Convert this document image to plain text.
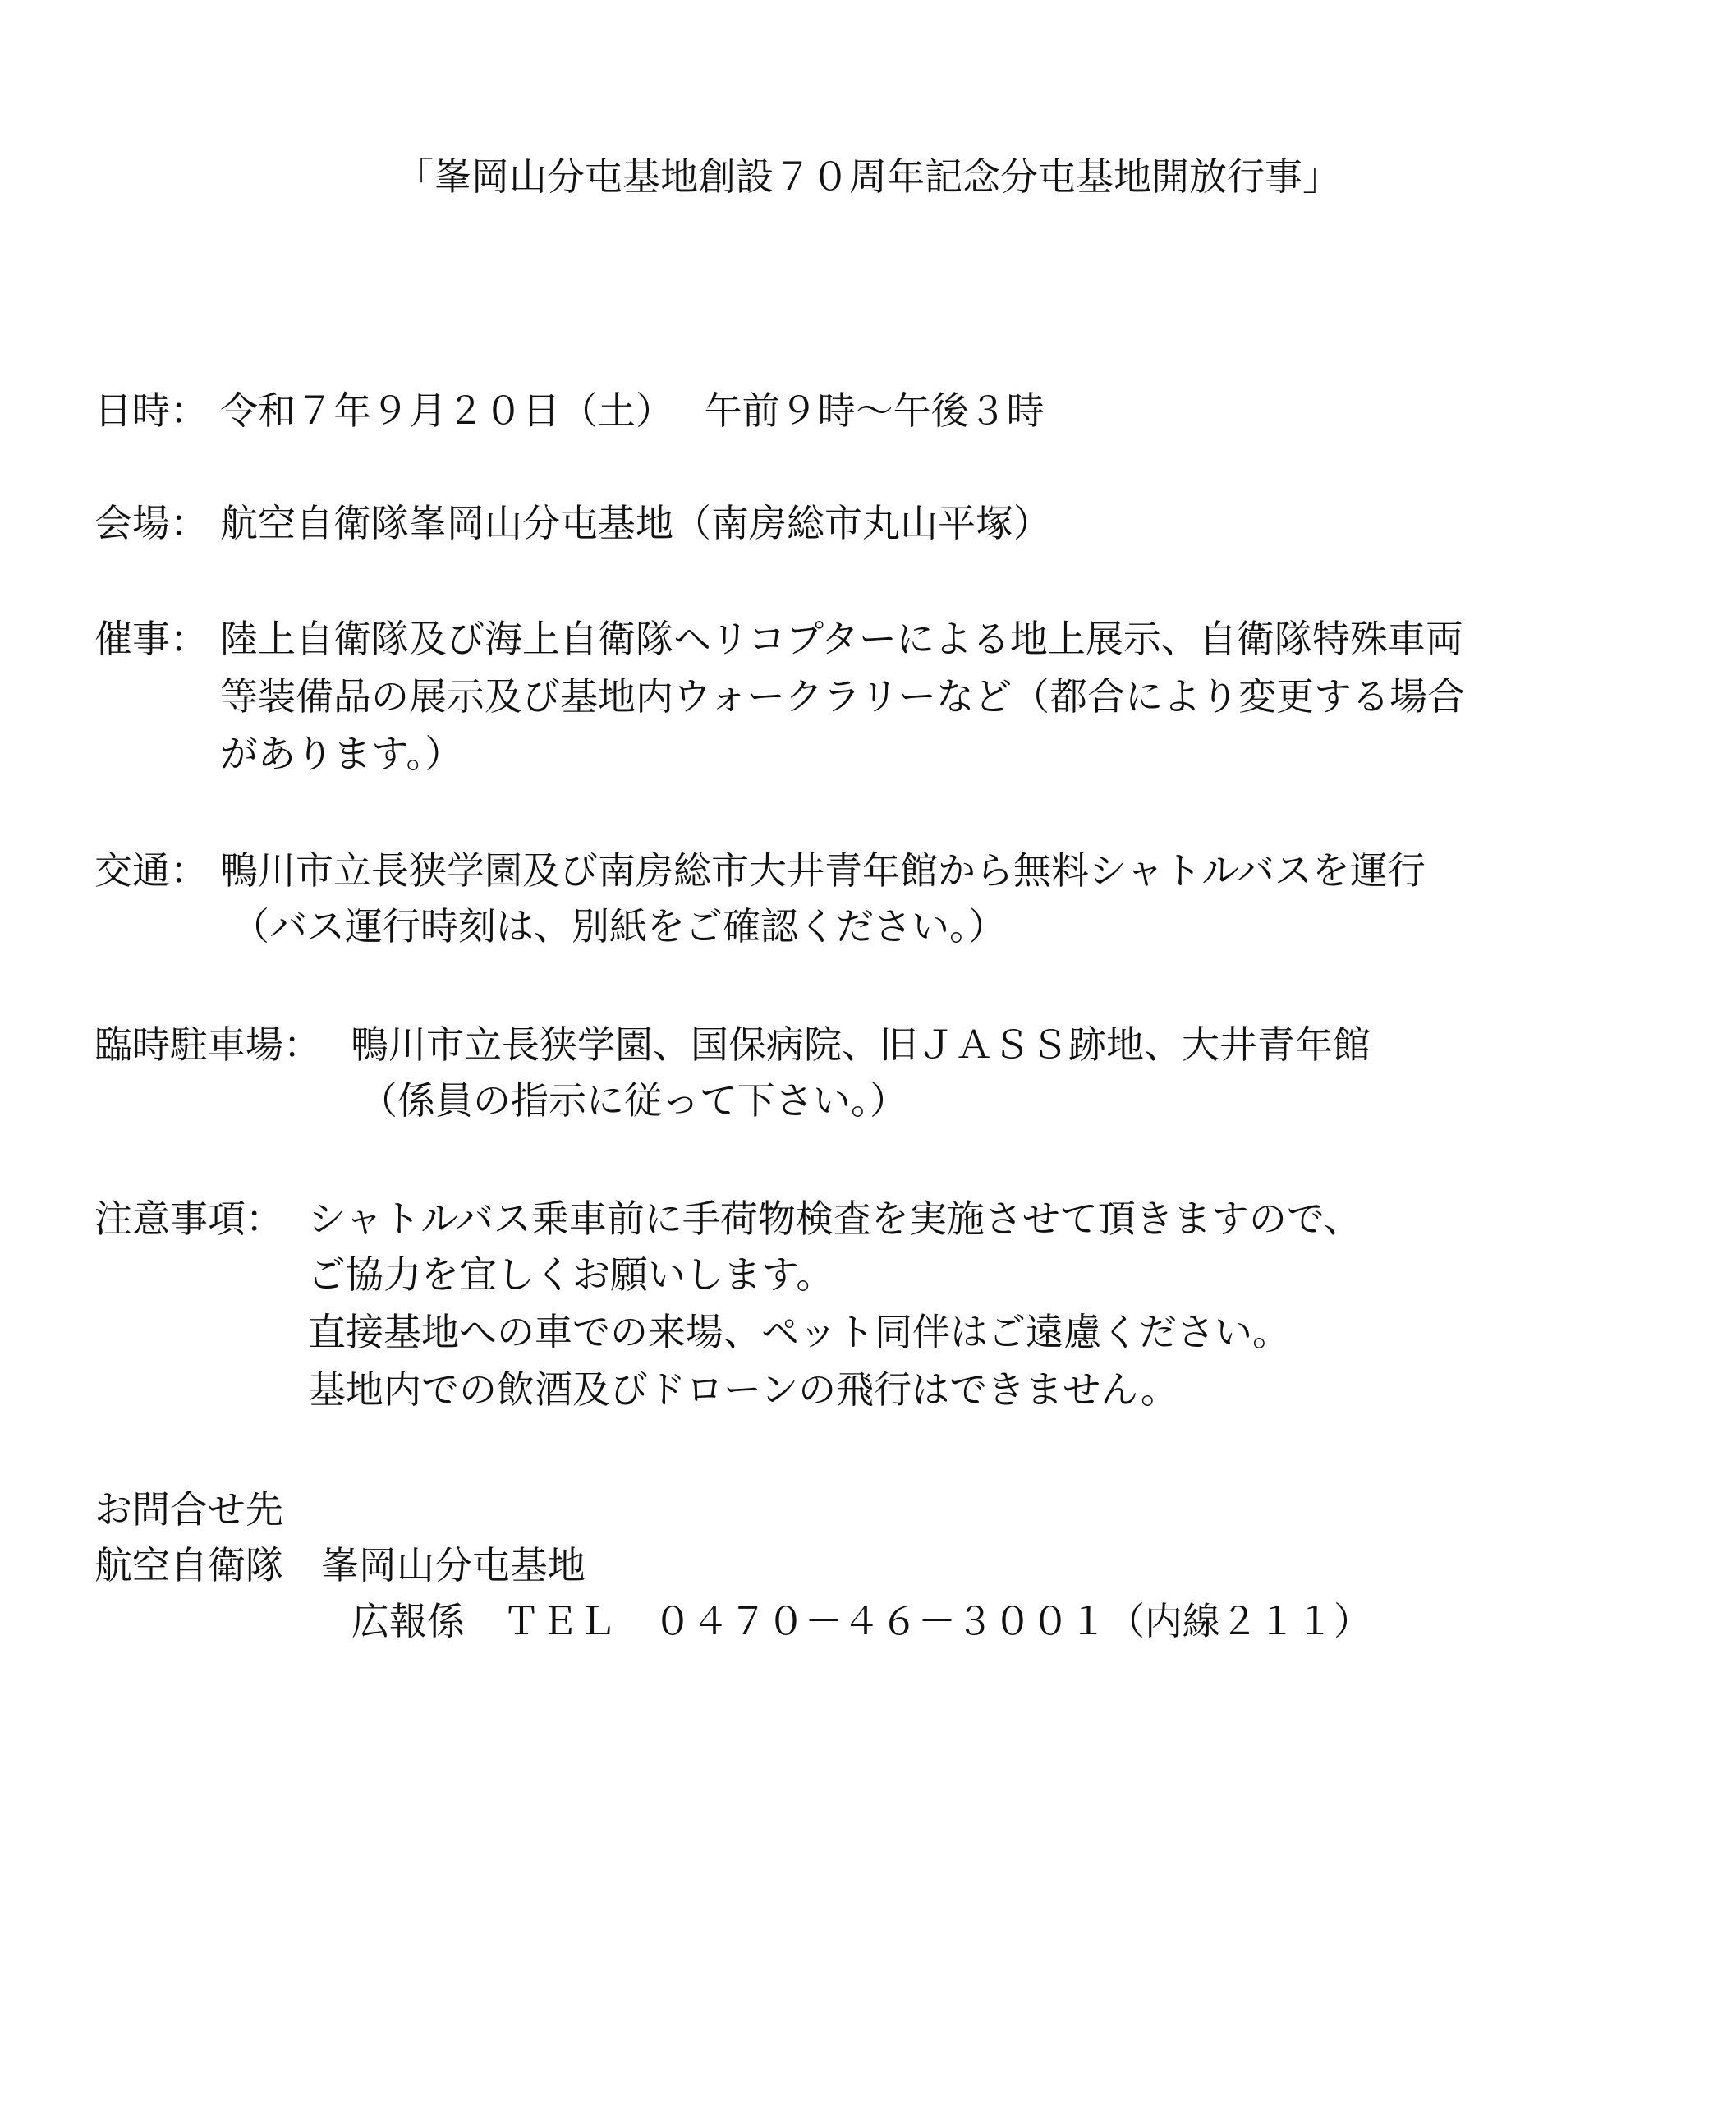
「峯岡山分屯基地創設７０周年記念分屯基地開放行事」
日時： 令和７年９月２０日（土）　 午前９時～午後３時
会場： 航空自衛隊峯岡山分屯基地（南房総市丸山平塚）
催事： 陸上自衛隊及び海上自衛隊ヘリコプターによる地上展示、自衛隊特殊車両
等装備品の展示及び基地内ウォークラリーなど（都合により変更する場合
があります。）
交通： 鴨川市立長狭学園及び南房総市大井青年館から無料シャトルバスを運行
（バス運行時刻は、別紙をご確認ください。）
臨時駐車場： 鴨川市立長狭学園、国保病院、旧ＪＡＳＳ跡地、大井青年館
（係員の指示に従って下さい。）
注意事項： シャトルバス乗車前に手荷物検査を実施させて頂きますので、
ご協力を宜しくお願いします。
直接基地への車での来場、ペット同伴はご遠慮ください。
基地内での飲酒及びドローンの飛行はできません。
お問合せ先
航空自衛隊　峯岡山分屯基地
広報係　ＴＥＬ　０４７０－４６－３００１（内線２１１）
